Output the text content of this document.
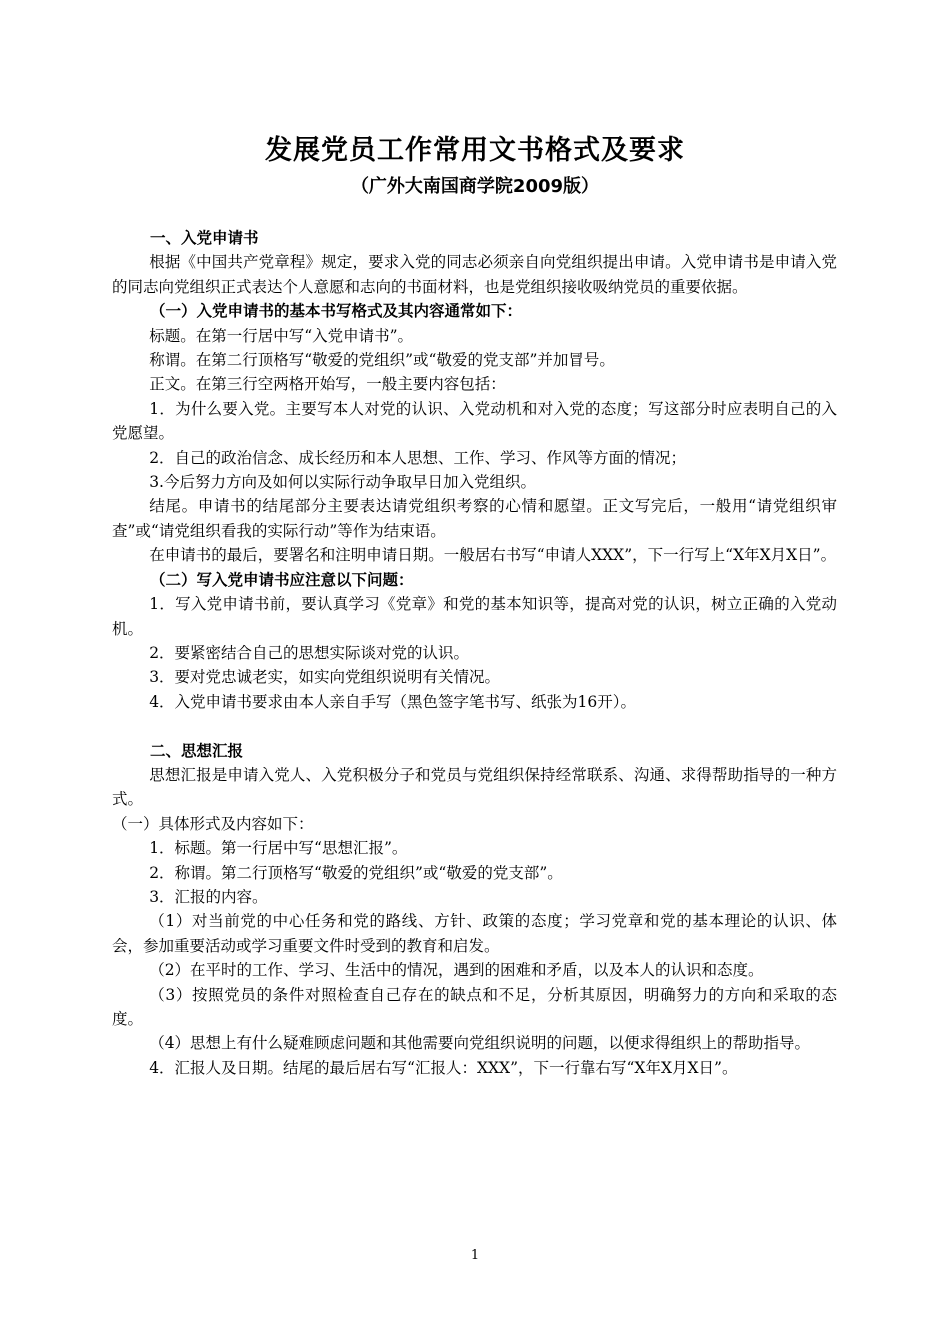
发展党员工作常用文书格式及要求
（广外大南国商学院2009版）

一、入党申请书

根据《中国共产党章程》规定，要求入党的同志必须亲自向党组织提出申请。入党申请书是申请入党的同志向党组织正式表达个人意愿和志向的书面材料，也是党组织接收吸纳党员的重要依据。

（一）入党申请书的基本书写格式及其内容通常如下：

标题。在第一行居中写“入党申请书”。

称谓。在第二行顶格写“敬爱的党组织”或“敬爱的党支部”并加冒号。

正文。在第三行空两格开始写，一般主要内容包括：

1．为什么要入党。主要写本人对党的认识、入党动机和对入党的态度；写这部分时应表明自己的入党愿望。

2．自己的政治信念、成长经历和本人思想、工作、学习、作风等方面的情况；

3.今后努力方向及如何以实际行动争取早日加入党组织。

结尾。申请书的结尾部分主要表达请党组织考察的心情和愿望。正文写完后，一般用“请党组织审查”或“请党组织看我的实际行动”等作为结束语。

在申请书的最后，要署名和注明申请日期。一般居右书写“申请人XXX”，下一行写上“X年X月X日”。

（二）写入党申请书应注意以下问题：

1．写入党申请书前，要认真学习《党章》和党的基本知识等，提高对党的认识，树立正确的入党动机。

2．要紧密结合自己的思想实际谈对党的认识。

3．要对党忠诚老实，如实向党组织说明有关情况。

4．入党申请书要求由本人亲自手写（黑色签字笔书写、纸张为16开）。

二、思想汇报

思想汇报是申请入党人、入党积极分子和党员与党组织保持经常联系、沟通、求得帮助指导的一种方式。

（一）具体形式及内容如下：

1．标题。第一行居中写“思想汇报”。

2．称谓。第二行顶格写“敬爱的党组织”或“敬爱的党支部”。

3．汇报的内容。

（1）对当前党的中心任务和党的路线、方针、政策的态度；学习党章和党的基本理论的认识、体会，参加重要活动或学习重要文件时受到的教育和启发。

（2）在平时的工作、学习、生活中的情况，遇到的困难和矛盾，以及本人的认识和态度。

（3）按照党员的条件对照检查自己存在的缺点和不足，分析其原因，明确努力的方向和采取的态度。

（4）思想上有什么疑难顾虑问题和其他需要向党组织说明的问题，以便求得组织上的帮助指导。

4．汇报人及日期。结尾的最后居右写“汇报人：XXX”，下一行靠右写“X年X月X日”。

1
